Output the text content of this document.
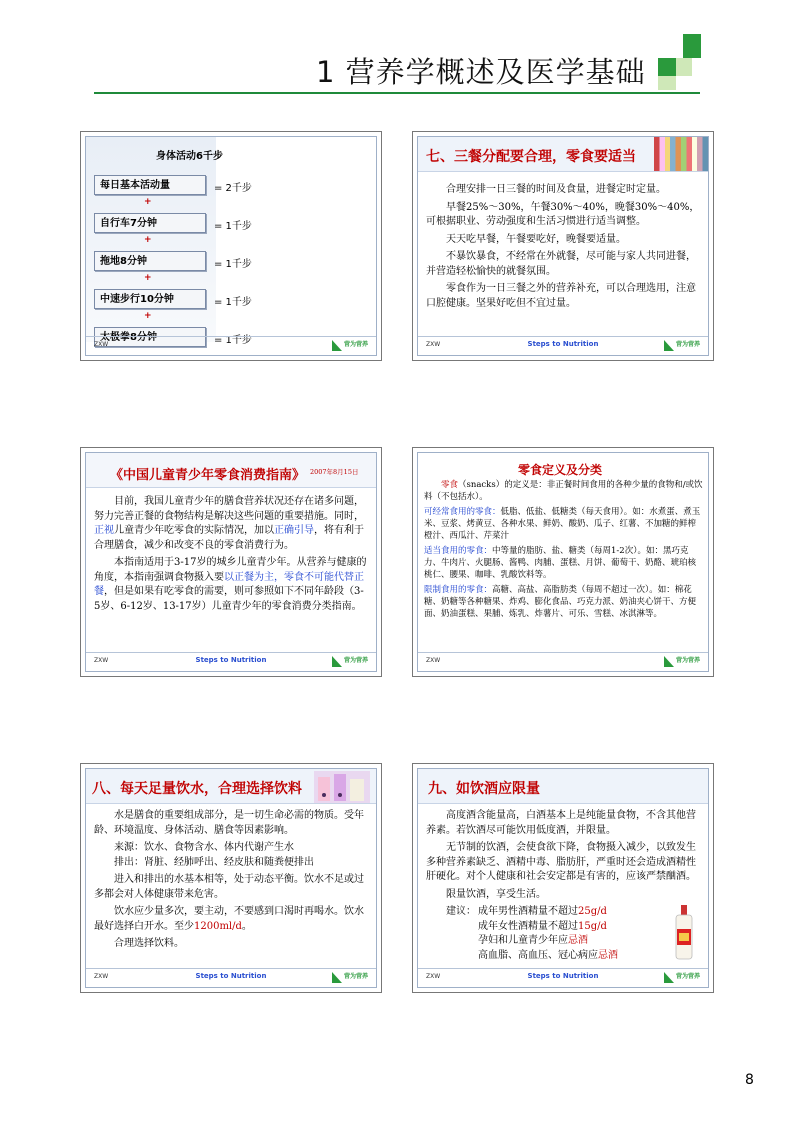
1 营养学概述及医学基础
身体活动6千步
每日基本活动量	= 2千步
+
自行车7分钟	= 1千步
+
拖地8分钟	= 1千步
+
中速步行10分钟	= 1千步
+
太极拳8分钟	= 1千步
ZXW	营为营养
七、三餐分配要合理，零食要适当

合理安排一日三餐的时间及食量，进餐定时定量。

早餐25%～30%，午餐30%～40%，晚餐30%～40%，可根据职业、劳动强度和生活习惯进行适当调整。

天天吃早餐，午餐要吃好，晚餐要适量。

不暴饮暴食，不经常在外就餐，尽可能与家人共同进餐，并营造轻松愉快的就餐氛围。

零食作为一日三餐之外的营养补充，可以合理选用，注意口腔健康。坚果好吃但不宜过量。

ZXW	Steps to Nutrition	营为营养
《中国儿童青少年零食消费指南》 2007年8月15日

目前，我国儿童青少年的膳食营养状况还存在诸多问题，努力完善正餐的食物结构是解决这些问题的重要措施。同时，正视儿童青少年吃零食的实际情况，加以正确引导，将有利于合理膳食，减少和改变不良的零食消费行为。

本指南适用于3-17岁的城乡儿童青少年。从营养与健康的角度，本指南强调食物摄入要以正餐为主，零食不可能代替正餐，但是如果有吃零食的需要，则可参照如下不同年龄段（3-5岁、6-12岁、13-17岁）儿童青少年的零食消费分类指南。

ZXW	Steps to Nutrition	营为营养
零食定义及分类

零食（snacks）的定义是：非正餐时间食用的各种少量的食物和/或饮料（不包括水）。

可经常食用的零食：低脂、低盐、低糖类（每天食用）。如：水煮蛋、煮玉米、豆浆、烤黄豆、各种水果、鲜奶、酸奶、瓜子、红薯、不加糖的鲜榨橙汁、西瓜汁、芹菜汁

适当食用的零食：中等量的脂肪、盐、糖类（每周1-2次）。如：黑巧克力、牛肉片、火腿肠、酱鸭、肉脯、蛋糕、月饼、葡萄干、奶酪、琥珀核桃仁、腰果、咖啡、乳酸饮料等。

限制食用的零食：高糖、高盐、高脂肪类（每周不超过一次）。如：棉花糖、奶糖等各种糖果、炸鸡、膨化食品、巧克力派、奶油夹心饼干、方便面、奶油蛋糕、果脯、炼乳、炸薯片、可乐、雪糕、冰淇淋等。

ZXW	营为营养
八、每天足量饮水，合理选择饮料

水是膳食的重要组成部分，是一切生命必需的物质。受年龄、环境温度、身体活动、膳食等因素影响。

来源：饮水、食物含水、体内代谢产生水

排出：肾脏、经肺呼出、经皮肤和随粪便排出

进入和排出的水基本相等，处于动态平衡。饮水不足或过多都会对人体健康带来危害。

饮水应少量多次，要主动，不要感到口渴时再喝水。饮水最好选择白开水。至少1200ml/d。

合理选择饮料。

ZXW	Steps to Nutrition	营为营养
九、如饮酒应限量

高度酒含能量高，白酒基本上是纯能量食物，不含其他营养素。若饮酒尽可能饮用低度酒，并限量。

无节制的饮酒，会使食欲下降，食物摄入减少，以致发生多种营养素缺乏、酒精中毒、脂肪肝，严重时还会造成酒精性肝硬化。对个人健康和社会安定都是有害的，应该严禁酗酒。

限量饮酒，享受生活。

建议： 成年男性酒精量不超过25g/d
成年女性酒精量不超过15g/d
孕妇和儿童青少年应忌酒
高血脂、高血压、冠心病应忌酒
ZXW	Steps to Nutrition	营为营养
8
